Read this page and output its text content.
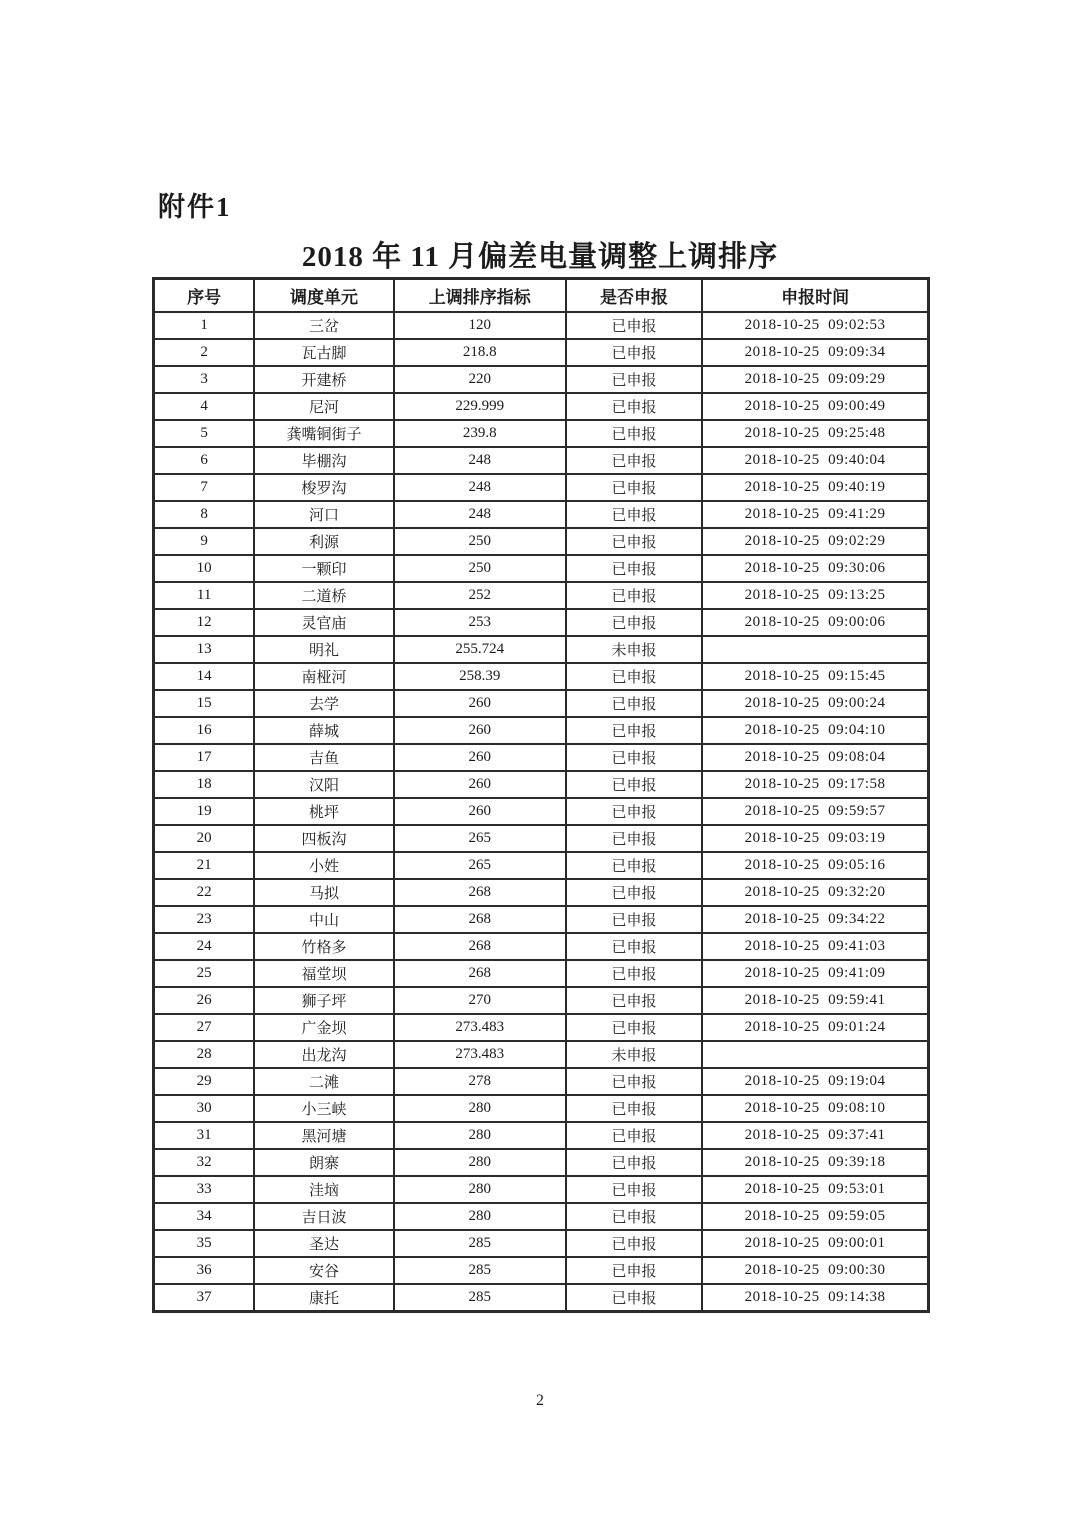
附件1
2018 年 11 月偏差电量调整上调排序
序号	调度单元	上调排序指标	是否申报	申报时间
1	三岔	120	已申报	2018-10-25  09:02:53
2	瓦古脚	218.8	已申报	2018-10-25  09:09:34
3	开建桥	220	已申报	2018-10-25  09:09:29
4	尼河	229.999	已申报	2018-10-25  09:00:49
5	龚嘴铜街子	239.8	已申报	2018-10-25  09:25:48
6	毕棚沟	248	已申报	2018-10-25  09:40:04
7	梭罗沟	248	已申报	2018-10-25  09:40:19
8	河口	248	已申报	2018-10-25  09:41:29
9	利源	250	已申报	2018-10-25  09:02:29
10	一颗印	250	已申报	2018-10-25  09:30:06
11	二道桥	252	已申报	2018-10-25  09:13:25
12	灵官庙	253	已申报	2018-10-25  09:00:06
13	明礼	255.724	未申报	
14	南桠河	258.39	已申报	2018-10-25  09:15:45
15	去学	260	已申报	2018-10-25  09:00:24
16	薛城	260	已申报	2018-10-25  09:04:10
17	吉鱼	260	已申报	2018-10-25  09:08:04
18	汉阳	260	已申报	2018-10-25  09:17:58
19	桃坪	260	已申报	2018-10-25  09:59:57
20	四板沟	265	已申报	2018-10-25  09:03:19
21	小姓	265	已申报	2018-10-25  09:05:16
22	马拟	268	已申报	2018-10-25  09:32:20
23	中山	268	已申报	2018-10-25  09:34:22
24	竹格多	268	已申报	2018-10-25  09:41:03
25	福堂坝	268	已申报	2018-10-25  09:41:09
26	狮子坪	270	已申报	2018-10-25  09:59:41
27	广金坝	273.483	已申报	2018-10-25  09:01:24
28	出龙沟	273.483	未申报	
29	二滩	278	已申报	2018-10-25  09:19:04
30	小三峡	280	已申报	2018-10-25  09:08:10
31	黑河塘	280	已申报	2018-10-25  09:37:41
32	朗寨	280	已申报	2018-10-25  09:39:18
33	洼垴	280	已申报	2018-10-25  09:53:01
34	吉日波	280	已申报	2018-10-25  09:59:05
35	圣达	285	已申报	2018-10-25  09:00:01
36	安谷	285	已申报	2018-10-25  09:00:30
37	康托	285	已申报	2018-10-25  09:14:38
2
